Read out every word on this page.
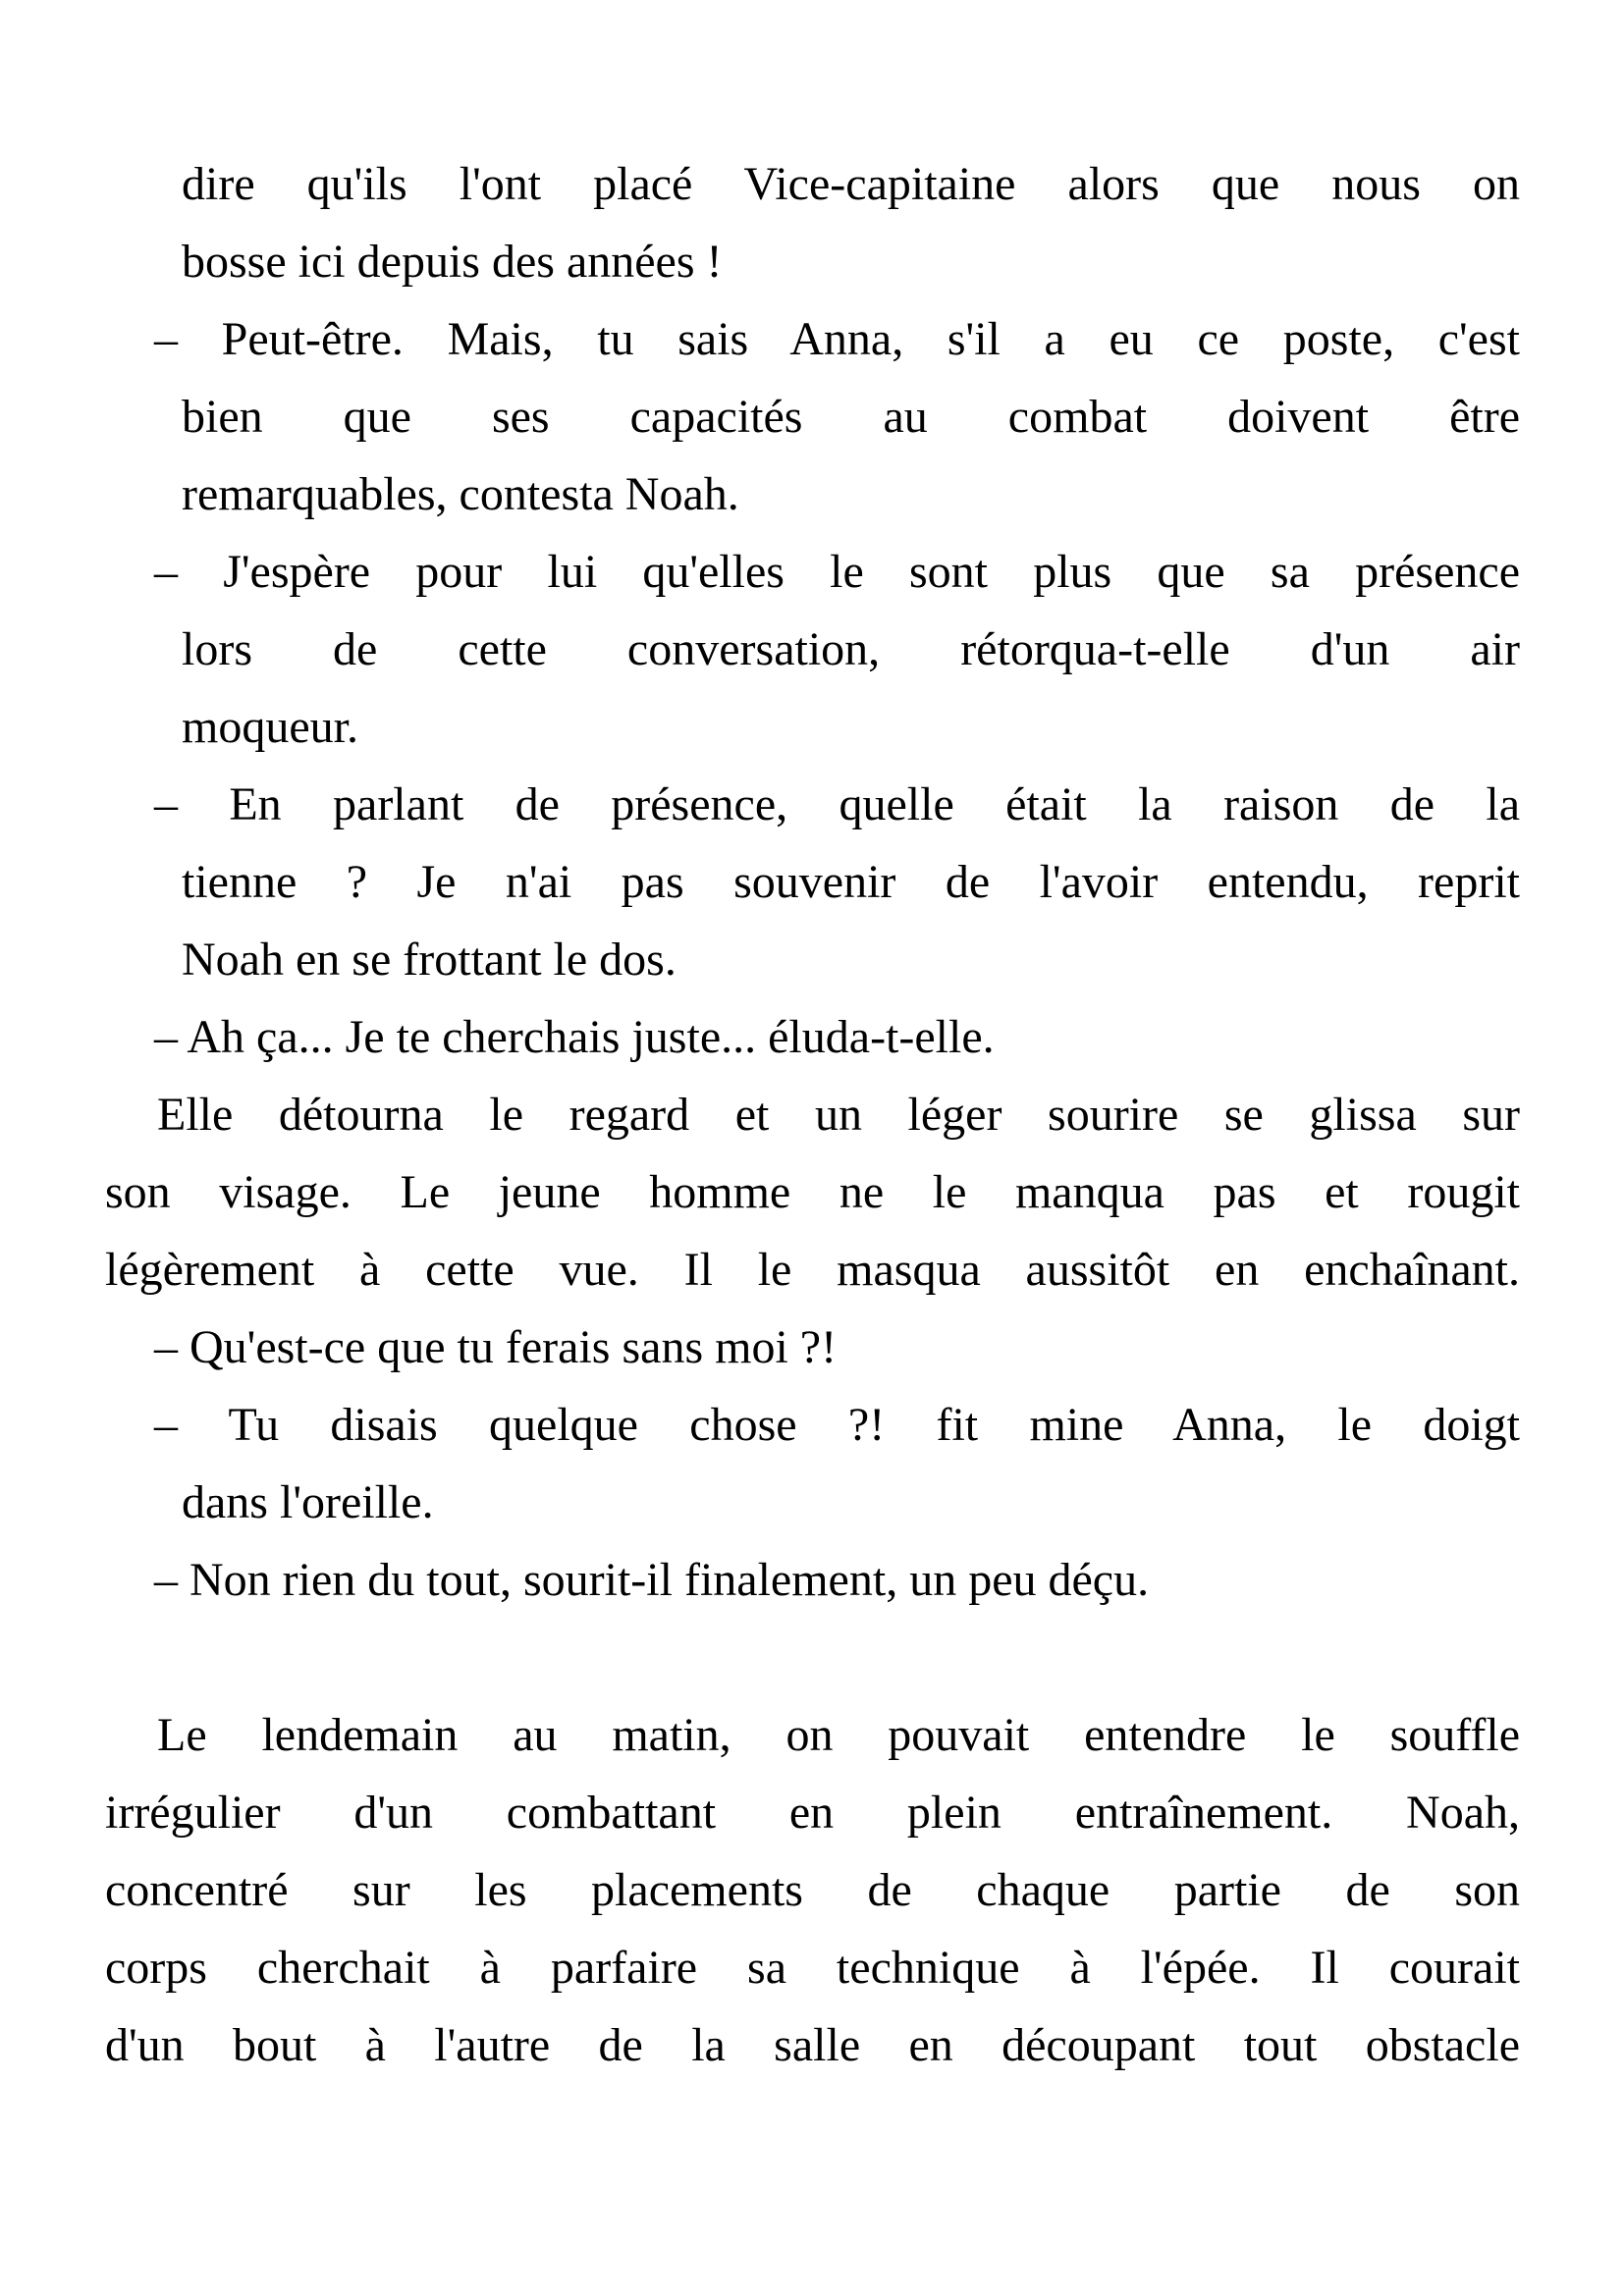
dire qu'ils l'ont placé Vice-capitaine alors que nous on
bosse ici depuis des années !

– Peut-être. Mais, tu sais Anna, s'il a eu ce poste, c'est
bien que ses capacités au combat doivent être
remarquables, contesta Noah.

– J'espère pour lui qu'elles le sont plus que sa présence
lors de cette conversation, rétorqua-t-elle d'un air
moqueur.

– En parlant de présence, quelle était la raison de la
tienne ? Je n'ai pas souvenir de l'avoir entendu, reprit
Noah en se frottant le dos.

– Ah ça... Je te cherchais juste... éluda-t-elle.

Elle détourna le regard et un léger sourire se glissa sur
son visage. Le jeune homme ne le manqua pas et rougit
légèrement à cette vue. Il le masqua aussitôt en enchaînant.

– Qu'est-ce que tu ferais sans moi ?!

– Tu disais quelque chose ?! fit mine Anna, le doigt
dans l'oreille.

– Non rien du tout, sourit-il finalement, un peu déçu.

Le lendemain au matin, on pouvait entendre le souffle
irrégulier d'un combattant en plein entraînement. Noah,
concentré sur les placements de chaque partie de son
corps cherchait à parfaire sa technique à l'épée. Il courait
d'un bout à l'autre de la salle en découpant tout obstacle
